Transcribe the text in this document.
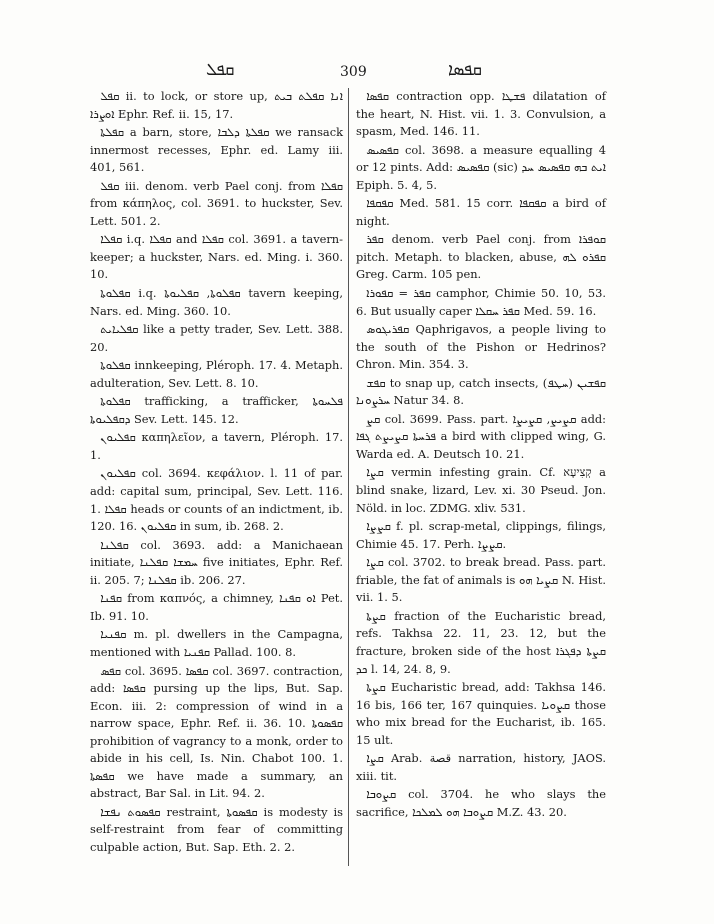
ܩܦܠ	309	ܩܦܣܐ

ܩܦܠ ii. to lock, or store up, ܐܢܐ ܩܦܠܬ ܒܝܬ ܐܘܨܪܐ Ephr. Ref. ii. 15, 17.

ܩܦܠܬܐ a barn, store, ܩܦܠܬܐ ܕܠܒܐ we ransack innermost recesses, Ephr. ed. Lamy iii. 401, 561.

ܩܦܠ iii. denom. verb Pael conj. from ܩܦܠܐ from κάπηλος, col. 3691. to huckster, Sev. Lett. 501. 2.

ܩܦܠܐ i.q. ܩܦܠܐ and ܩܦܠܐ col. 3691. a tavern-keeper; a huckster, Nars. ed. Ming. i. 360. 10.

ܩܦܠܘܬܐ i.q. ܩܦܠܘܬܐ, ܩܦܠܝܘܬܐ tavern keeping, Nars. ed. Ming. 360. 10.

ܩܦܠܝܐܝܬ like a petty trader, Sev. Lett. 388. 20.

ܩܦܠܘܬܐ innkeeping, Pléroph. 17. 4. Metaph. adulteration, Sev. Lett. 8. 10.

ܩܦܠܘܬܐ trafficking, a trafficker, ܦܠܚܘܬܐ ܕܩܦܠܝܘܬܐ Sev. Lett. 145. 12.

ܩܦܠܝܘܢ καπηλεῖον, a tavern, Pléroph. 17. 1.

ܩܦܠܝܘܢ col. 3694. κεφάλιον. l. 11 of par. add: capital sum, principal, Sev. Lett. 116. 1. ܩܦܠܐ heads or counts of an indictment, ib. 120. 16. ܩܦܠܝܘܢ in sum, ib. 268. 2.

ܩܦܠܢܐ col. 3693. add: a Manichaean initiate, ܚܡܫܐ ܩܦܠܢܐ five initiates, Ephr. Ref. ii. 205. 7; ܩܦܠܢܐ ib. 206. 27.

ܩܦܢܐ from καπνός, a chimney, ܐܘ ܩܦܢܐ Pet. Ib. 91. 10.

ܩܦܢܝܐ m. pl. dwellers in the Campagna, mentioned with ܩܦܢܝܐ Pallad. 100. 8.

ܩܦܣ col. 3695. ܩܦܣܐ col. 3697. contraction, add: ܩܦܣܐ pursing up the lips, But. Sap. Econ. iii. 2: compression of wind in a narrow space, Ephr. Ref. ii. 36. 10. ܩܦܣܘܬܐ prohibition of vagrancy to a monk, order to abide in his cell, Is. Nin. Chabot 100. 1. ܩܦܣܬܐ we have made a summary, an abstract, Bar Sal. in Lit. 94. 2.

ܩܦܣܘܬ ܢܦܫܐ restraint, ܩܦܣܘܬܐ is modesty is self-restraint from fear of committing culpable action, But. Sap. Eth. 2. 2.

ܩܦܣܐ contraction opp. ܦܫܛܐ dilatation of the heart, N. Hist. vii. 1. 3. Convulsion, a spasm, Med. 146. 11.

ܩܦܣܝܣ col. 3698. a measure equalling 4 or 12 pints. Add: ܩܦܣܝܣ (sic) ܐܝܬ ܒܗ ܩܦܣܝܣ ܚܕ Epiph. 5. 4, 5.

ܩܦܩܦܐ Med. 581. 15 corr. ܩܦܩܦܐ a bird of night.

ܩܦܪ denom. verb Pael conj. from ܩܘܦܪܐ pitch. Metaph. to blacken, abuse, ܩܦܪܘ ܠܗ Greg. Carm. 105 pen.

ܩܦܪ = ܩܦܘܪܐ camphor, Chimie 50. 10, 53. 6. But usually caper ܩܦܪ ܚܩܠܐ Med. 59. 16.

ܩܦܪܝܓܘܣ Qaphrigavos, a people living to the south of the Pishon or Hedrinos? Chron. Min. 354. 3.

ܩܦܫ to snap up, catch insects, (ܚܛܦ) ܩܦܫܝܢ ܚܪܨܘܢܐ Natur 34. 8.

ܩܨ col. 3699. Pass. part. ܩܨܝܨ, ܩܨܝܨܐ add: ܦܪܚܬܐ ܩܨܝܨܬ ܓܦܐ a bird with clipped wing, G. Warda ed. A. Deutsch 10. 21.

ܩܨܐ vermin infesting grain. Cf. קְצִיעָא a blind snake, lizard, Lev. xi. 30 Pseud. Jon. Nöld. in loc. ZDMG. xliv. 531.

ܩܨܨܐ f. pl. scrap-metal, clippings, filings, Chimie 45. 17. Perh. ܩܨܨܐ.

ܩܨܐ col. 3702. to break bread. Pass. part. friable, the fat of animals is ܩܨܝܐ ܗܘ N. Hist. vii. 1. 5.

ܩܨܬܐ fraction of the Eucharistic bread, refs. Takhsa 22. 11, 23. 12, but the fracture, broken side of the host ܩܨܬܐ ܕܦܓܪܐ ܟܕ l. 14, 24. 8, 9.

ܩܨܬܐ Eucharistic bread, add: Takhsa 146. 16 bis, 166 ter, 167 quinquies. ܩܨܘܝܐ those who mix bread for the Eucharist, ib. 165. 15 ult.

ܩܨܐ Arab. قصة narration, history, JAOS. xiii. tit.

ܩܨܘܒܐ col. 3704. he who slays the sacrifice, ܩܨܘܒܐ ܗܘ ܠܡܠܟܐ M.Z. 43. 20.
